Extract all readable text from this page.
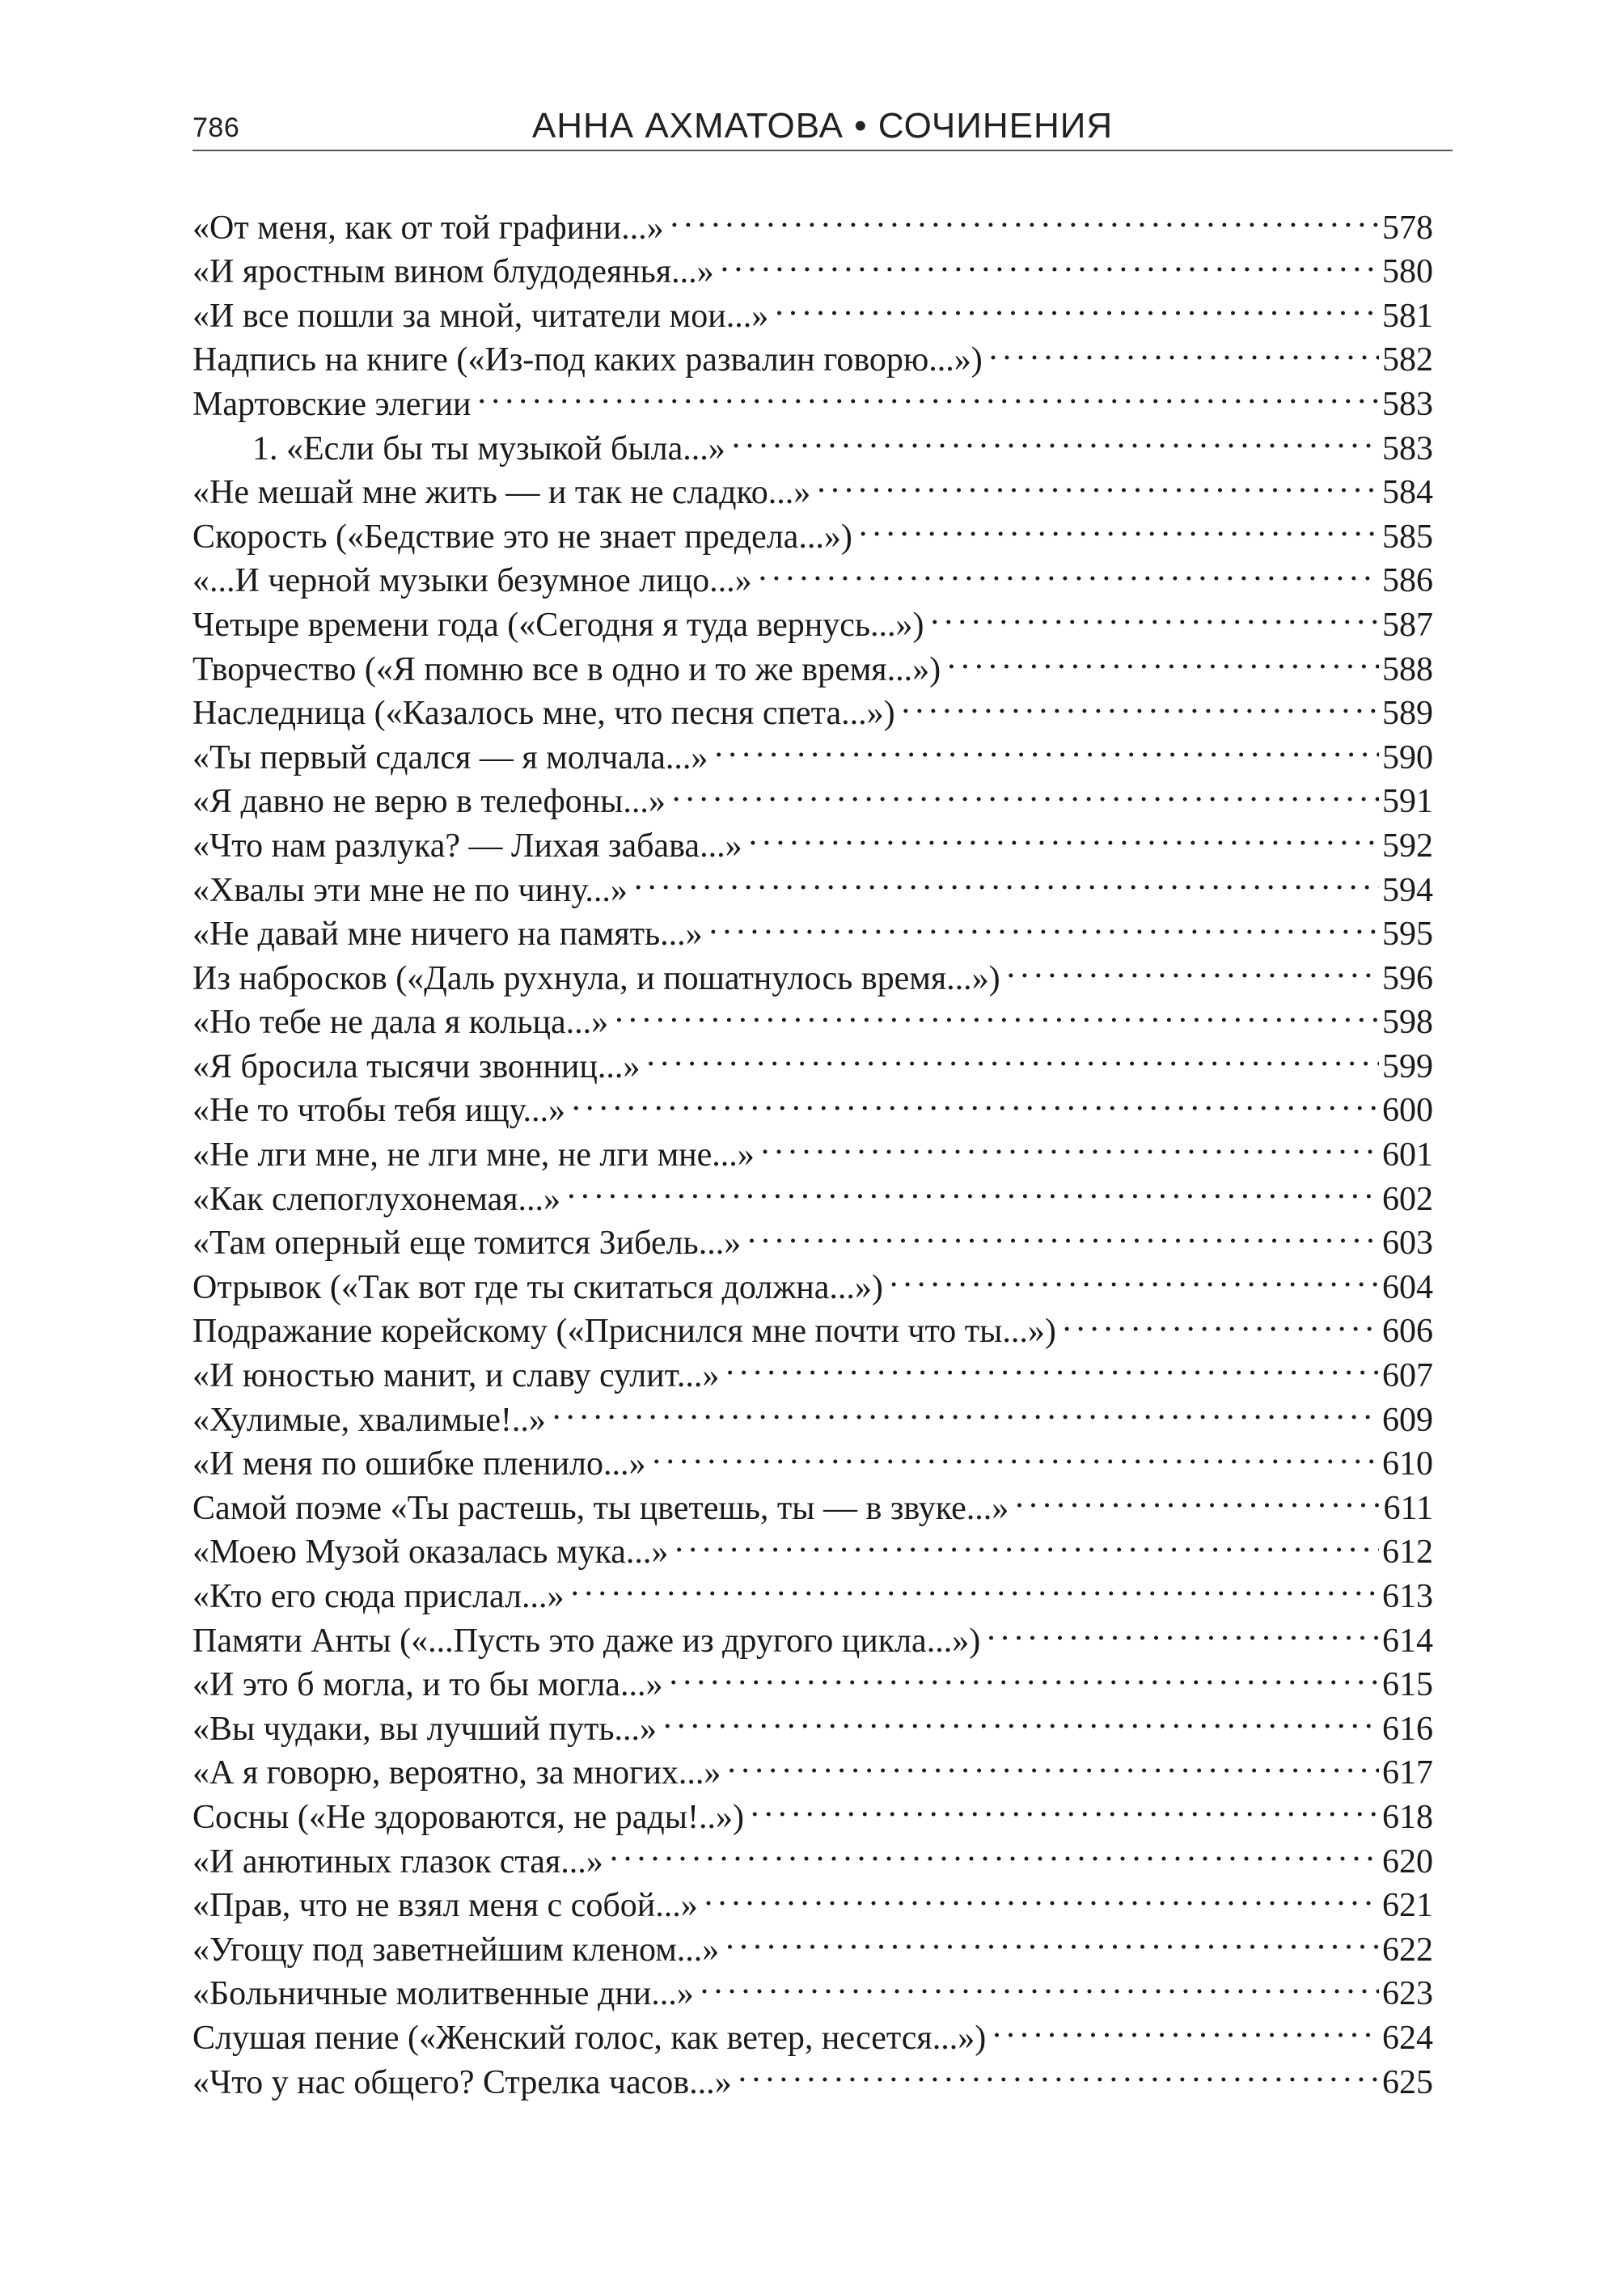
786	АННА АХМАТОВА • СОЧИНЕНИЯ
«От меня, как от той графини...» . . .	578
«И яростным вином блудодеянья...» . . .	580
«И все пошли за мной, читатели мои...» . . .	581
Надпись на книге («Из-под каких развалин говорю...») . . .	582
Мартовские элегии . . .	583
1. «Если бы ты музыкой была...» . . .	583
«Не мешай мне жить — и так не сладко...» . . .	584
Скорость («Бедствие это не знает предела...») . . .	585
«...И черной музыки безумное лицо...» . . .	586
Четыре времени года («Сегодня я туда вернусь...») . . .	587
Творчество («Я помню все в одно и то же время...») . . .	588
Наследница («Казалось мне, что песня спета...») . . .	589
«Ты первый сдался — я молчала...» . . .	590
«Я давно не верю в телефоны...» . . .	591
«Что нам разлука? — Лихая забава...» . . .	592
«Хвалы эти мне не по чину...» . . .	594
«Не давай мне ничего на память...» . . .	595
Из набросков («Даль рухнула, и пошатнулось время...») . . .	596
«Но тебе не дала я кольца...» . . .	598
«Я бросила тысячи звонниц...» . . .	599
«Не то чтобы тебя ищу...» . . .	600
«Не лги мне, не лги мне, не лги мне...» . . .	601
«Как слепоглухонемая...» . . .	602
«Там оперный еще томится Зибель...» . . .	603
Отрывок («Так вот где ты скитаться должна...») . . .	604
Подражание корейскому («Приснился мне почти что ты...») . . .	606
«И юностью манит, и славу сулит...» . . .	607
«Хулимые, хвалимые!..» . . .	609
«И меня по ошибке пленило...» . . .	610
Самой поэме «Ты растешь, ты цветешь, ты — в звуке...» . . .	611
«Моею Музой оказалась мука...» . . .	612
«Кто его сюда прислал...» . . .	613
Памяти Анты («...Пусть это даже из другого цикла...») . . .	614
«И это б могла, и то бы могла...» . . .	615
«Вы чудаки, вы лучший путь...» . . .	616
«А я говорю, вероятно, за многих...» . . .	617
Сосны («Не здороваются, не рады!..») . . .	618
«И анютиных глазок стая...» . . .	620
«Прав, что не взял меня с собой...» . . .	621
«Угощу под заветнейшим кленом...» . . .	622
«Больничные молитвенные дни...» . . .	623
Слушая пение («Женский голос, как ветер, несется...») . . .	624
«Что у нас общего? Стрелка часов...» . . .	625
